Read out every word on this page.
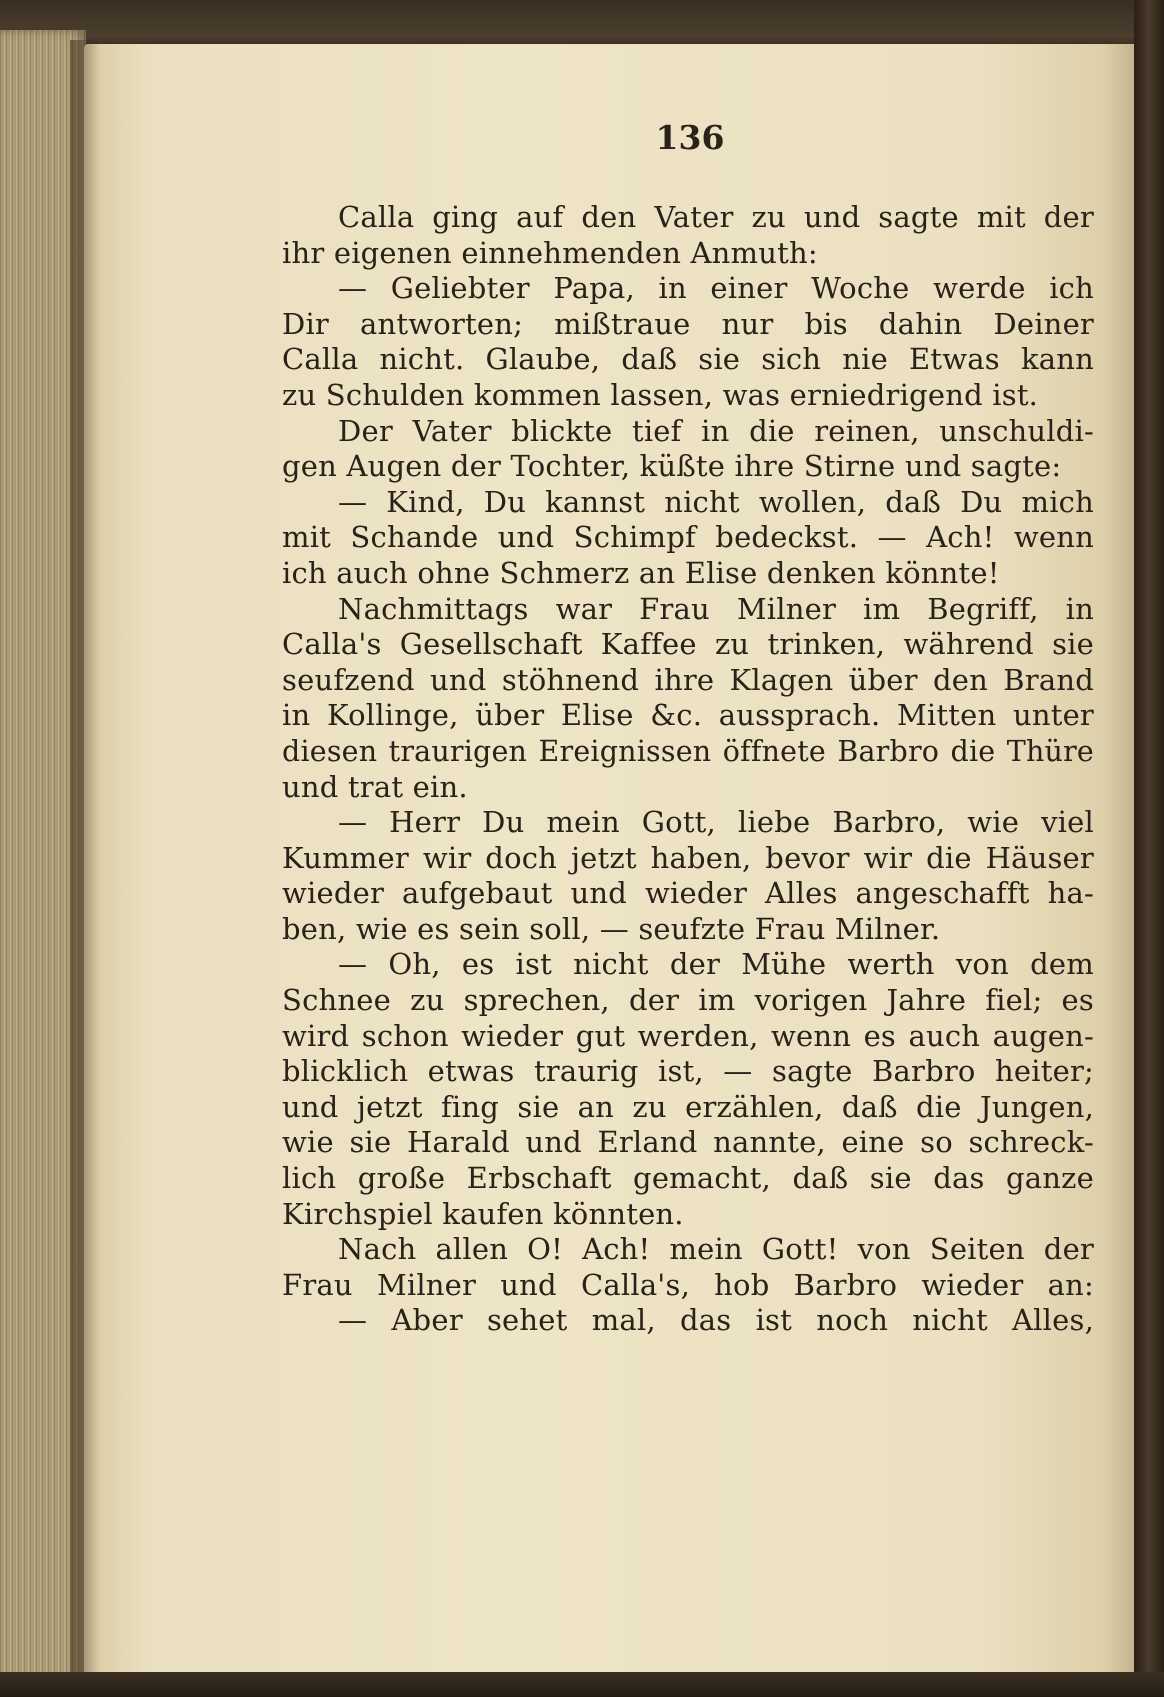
136
Calla ging auf den Vater zu und sagte mit der
ihr eigenen einnehmenden Anmuth:
— Geliebter Papa, in einer Woche werde ich
Dir antworten; mißtraue nur bis dahin Deiner
Calla nicht. Glaube, daß sie sich nie Etwas kann
zu Schulden kommen lassen, was erniedrigend ist.
Der Vater blickte tief in die reinen, unschuldi-
gen Augen der Tochter, küßte ihre Stirne und sagte:
— Kind, Du kannst nicht wollen, daß Du mich
mit Schande und Schimpf bedeckst. — Ach! wenn
ich auch ohne Schmerz an Elise denken könnte!
Nachmittags war Frau Milner im Begriff, in
Calla's Gesellschaft Kaffee zu trinken, während sie
seufzend und stöhnend ihre Klagen über den Brand
in Kollinge, über Elise &c. aussprach. Mitten unter
diesen traurigen Ereignissen öffnete Barbro die Thüre
und trat ein.
— Herr Du mein Gott, liebe Barbro, wie viel
Kummer wir doch jetzt haben, bevor wir die Häuser
wieder aufgebaut und wieder Alles angeschafft ha-
ben, wie es sein soll, — seufzte Frau Milner.
— Oh, es ist nicht der Mühe werth von dem
Schnee zu sprechen, der im vorigen Jahre fiel; es
wird schon wieder gut werden, wenn es auch augen-
blicklich etwas traurig ist, — sagte Barbro heiter;
und jetzt fing sie an zu erzählen, daß die Jungen,
wie sie Harald und Erland nannte, eine so schreck-
lich große Erbschaft gemacht, daß sie das ganze
Kirchspiel kaufen könnten.
Nach allen O! Ach! mein Gott! von Seiten der
Frau Milner und Calla's, hob Barbro wieder an:
— Aber sehet mal, das ist noch nicht Alles,
